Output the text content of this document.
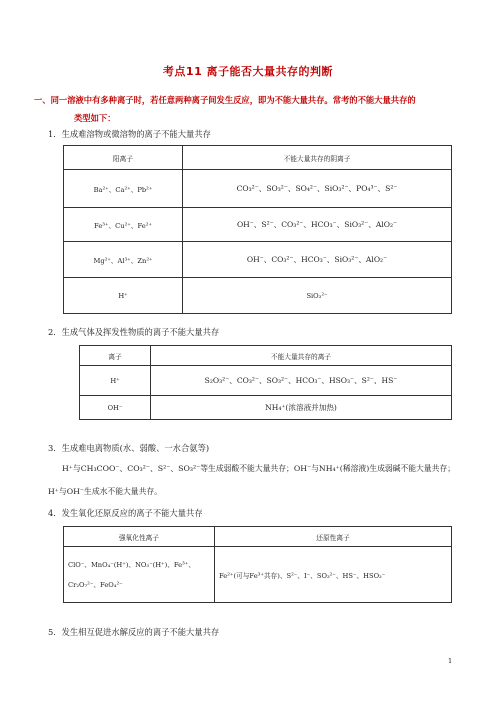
考点11 离子能否大量共存的判断
一、同一溶液中有多种离子时，若任意两种离子间发生反应，即为不能大量共存。常考的不能大量共存的
类型如下：
1．生成难溶物或微溶物的离子不能大量共存
阳离子	不能大量共存的阴离子
Ba²⁺、Ca²⁺、Pb²⁺	CO₃²⁻、SO₃²⁻、SO₄²⁻、SiO₃²⁻、PO₄³⁻、S²⁻
Fe³⁺、Cu²⁺、Fe²⁺	OH⁻、S²⁻、CO₃²⁻、HCO₃⁻、SiO₃²⁻、AlO₂⁻
Mg²⁺、Al³⁺、Zn²⁺	OH⁻、CO₃²⁻、HCO₃⁻、SiO₃²⁻、AlO₂⁻
H⁺	SiO₃²⁻
2．生成气体及挥发性物质的离子不能大量共存
离子	不能大量共存的离子
H⁺	S₂O₃²⁻、CO₃²⁻、SO₃²⁻、HCO₃⁻、HSO₃⁻、S²⁻、HS⁻
OH⁻	NH₄⁺(浓溶液并加热)
3．生成难电离物质(水、弱酸、一水合氨等)
H⁺与CH₃COO⁻、CO₃²⁻、S²⁻、SO₃²⁻等生成弱酸不能大量共存；OH⁻与NH₄⁺(稀溶液)生成弱碱不能大量共存；
H⁺与OH⁻生成水不能大量共存。
4．发生氧化还原反应的离子不能大量共存
强氧化性离子	还原性离子

ClO⁻、MnO₄⁻(H⁺)、NO₃⁻(H⁺)、Fe³⁺、
Cr₂O₇²⁻、FeO₄²⁻	Fe²⁺(可与Fe³⁺共存)、S²⁻、I⁻、SO₃²⁻、HS⁻、HSO₃⁻
5．发生相互促进水解反应的离子不能大量共存
1
